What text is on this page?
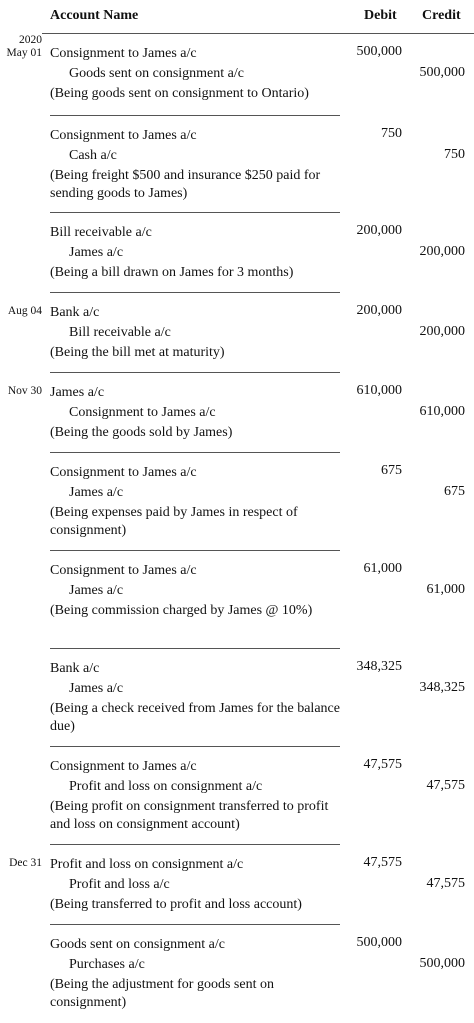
Account Name	Debit Credit
2020
May 01 Consignment to James a/c
Goods sent on consignment a/c
(Being goods sent on consignment to Ontario)
500,000
500,000
Consignment to James a/c
Cash a/c
(Being freight $500 and insurance $250 paid for sending goods to James)
750
750
Bill receivable a/c
James a/c
(Being a bill drawn on James for 3 months)
200,000
200,000
Aug 04 Bank a/c
Bill receivable a/c
(Being the bill met at maturity)
200,000
200,000
Nov 30 James a/c
Consignment to James a/c
(Being the goods sold by James)
610,000
610,000
Consignment to James a/c
James a/c
(Being expenses paid by James in respect of consignment)
675
675
Consignment to James a/c
James a/c
(Being commission charged by James @ 10%)
61,000
61,000
Bank a/c
James a/c
(Being a check received from James for the balance due)
348,325
348,325
Consignment to James a/c
Profit and loss on consignment a/c
(Being profit on consignment transferred to profit and loss on consignment account)
47,575
47,575
Dec 31 Profit and loss on consignment a/c
Profit and loss a/c
(Being transferred to profit and loss account)
47,575
47,575
Goods sent on consignment a/c
Purchases a/c
(Being the adjustment for goods sent on consignment)
500,000
500,000
